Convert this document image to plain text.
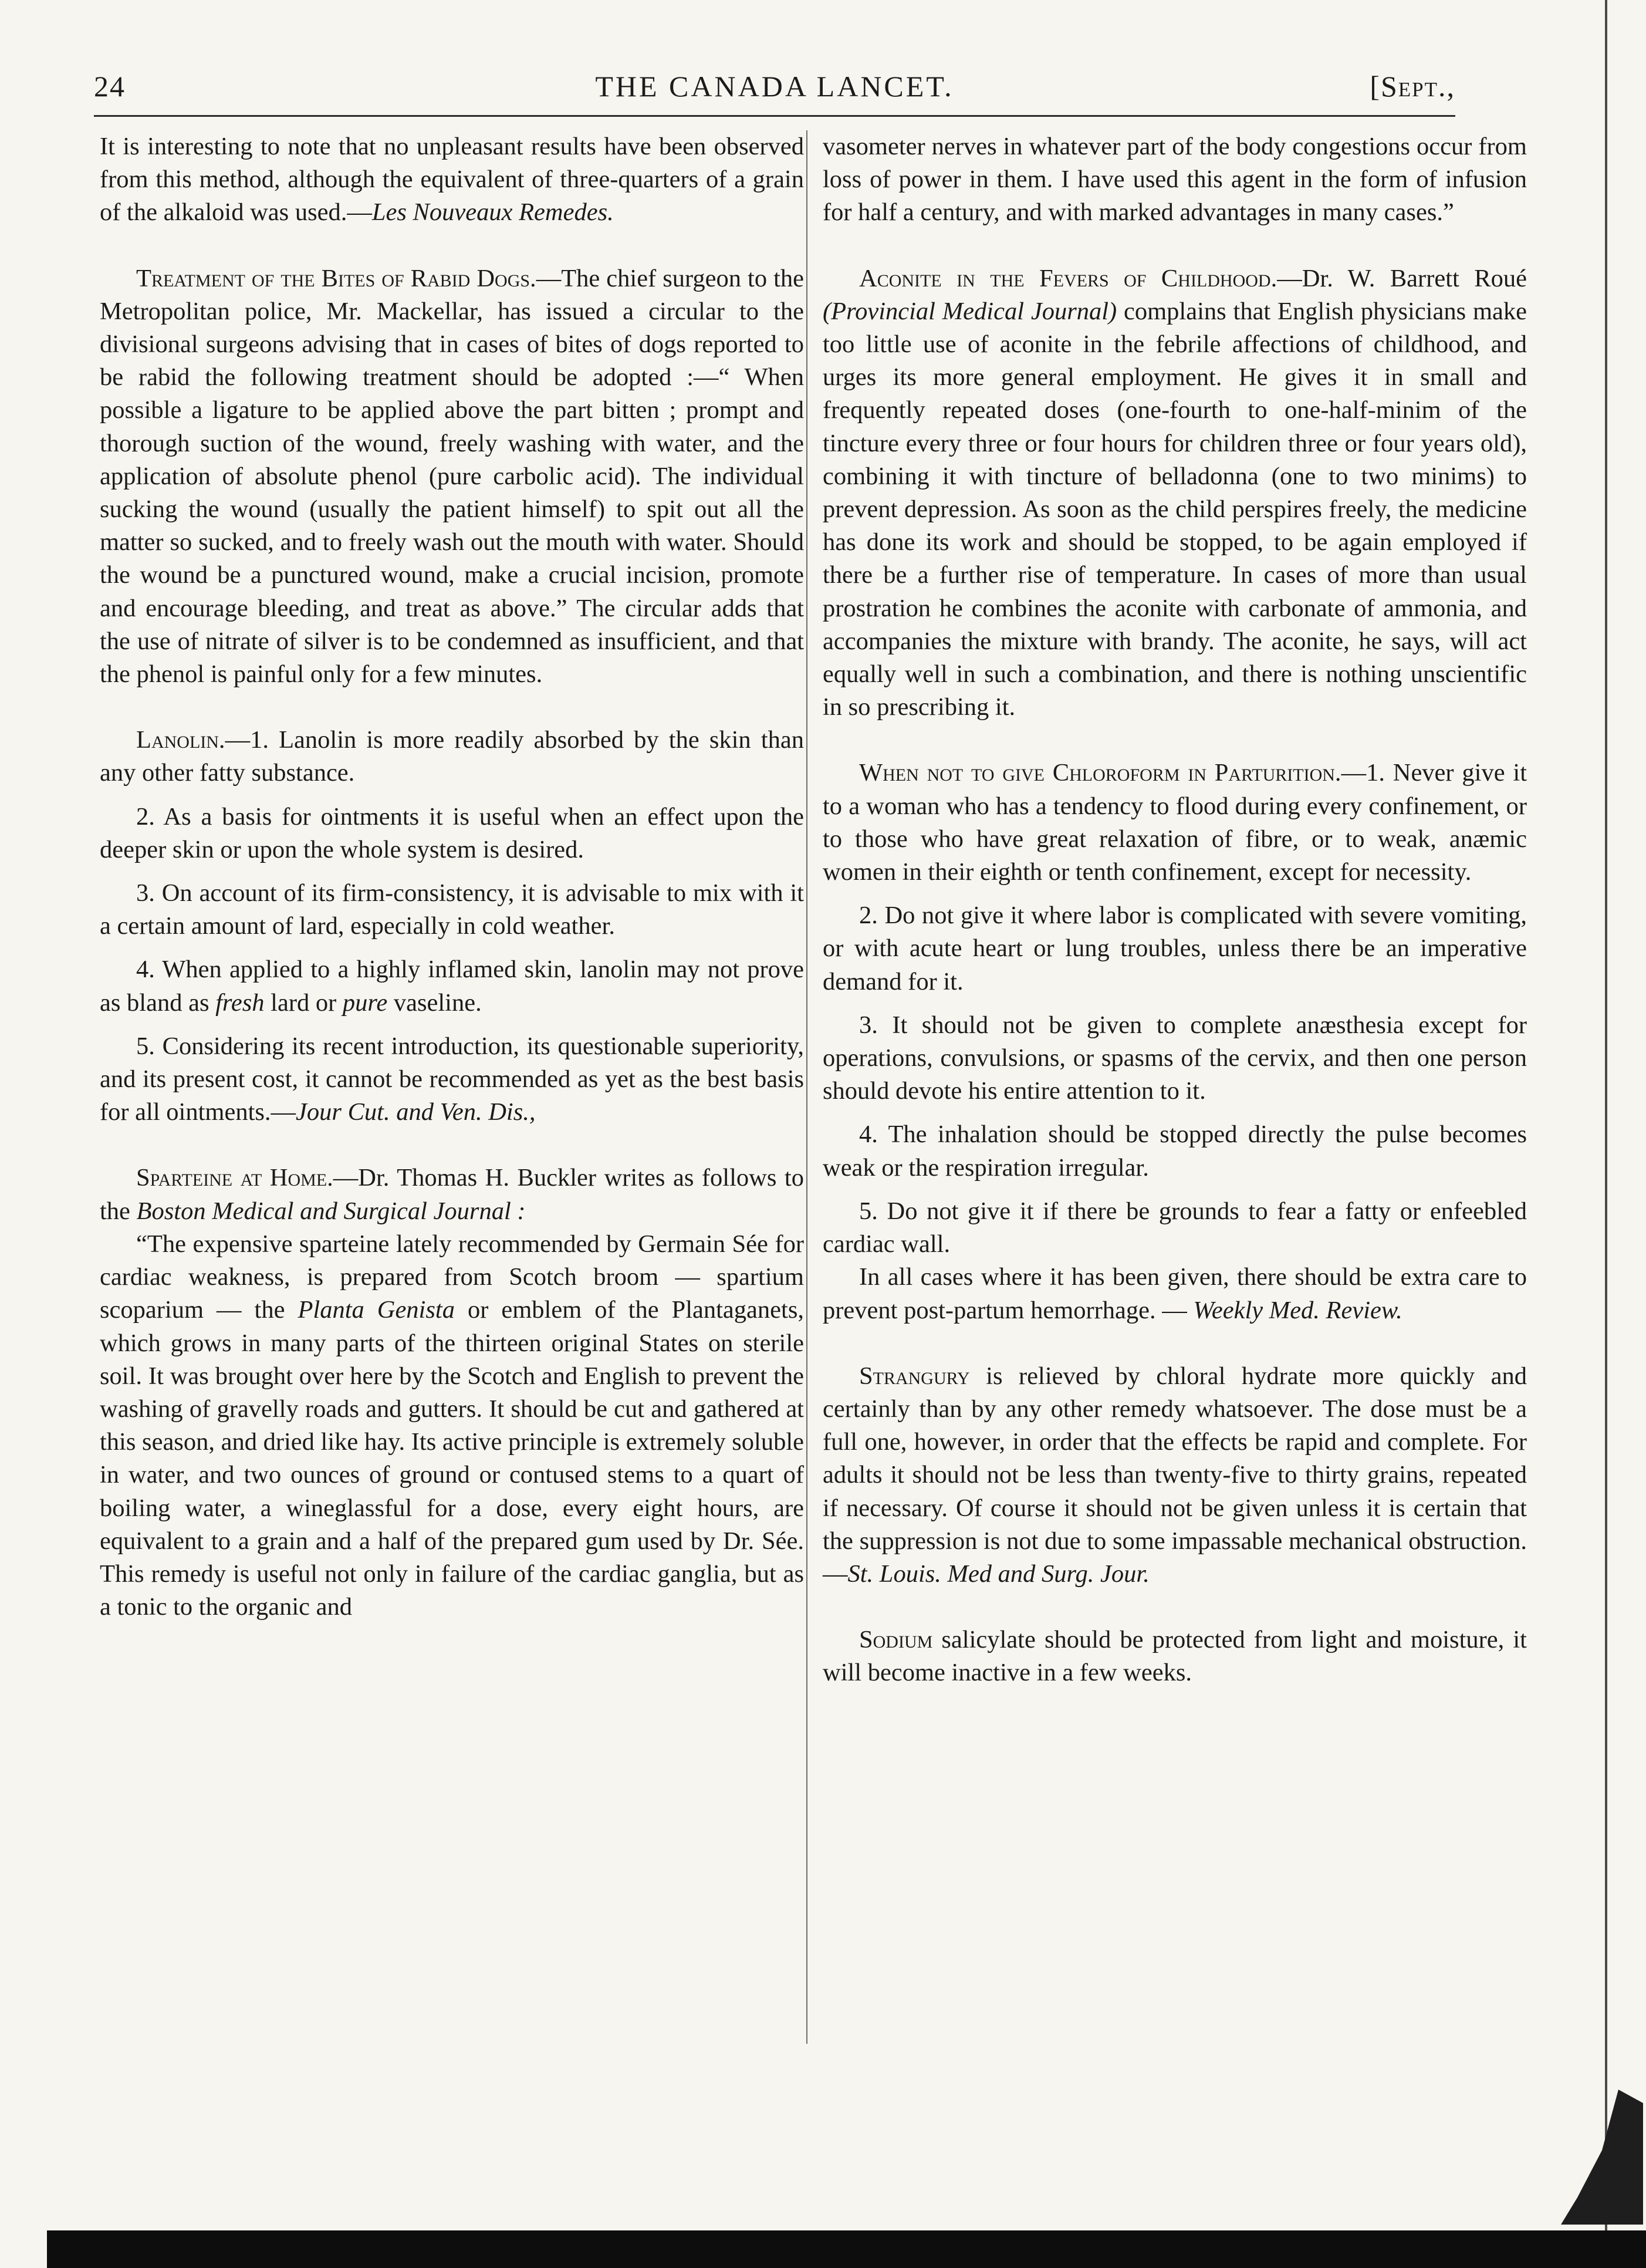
24	THE CANADA LANCET.	[Sept.,

It is interesting to note that no unpleasant results have been observed from this method, although the equivalent of three-quarters of a grain of the alkaloid was used.—Les Nouveaux Remedes.

Treatment of the Bites of Rabid Dogs.—The chief surgeon to the Metropolitan police, Mr. Mackellar, has issued a circular to the divisional surgeons advising that in cases of bites of dogs reported to be rabid the following treatment should be adopted :—“ When possible a ligature to be applied above the part bitten ; prompt and thorough suction of the wound, freely washing with water, and the application of absolute phenol (pure carbolic acid). The individual sucking the wound (usually the patient himself) to spit out all the matter so sucked, and to freely wash out the mouth with water. Should the wound be a punctured wound, make a crucial incision, promote and encourage bleeding, and treat as above.” The circular adds that the use of nitrate of silver is to be condemned as insufficient, and that the phenol is painful only for a few minutes.

Lanolin.—1. Lanolin is more readily absorbed by the skin than any other fatty substance.

2. As a basis for ointments it is useful when an effect upon the deeper skin or upon the whole system is desired.

3. On account of its firm-consistency, it is advisable to mix with it a certain amount of lard, especially in cold weather.

4. When applied to a highly inflamed skin, lanolin may not prove as bland as fresh lard or pure vaseline.

5. Considering its recent introduction, its questionable superiority, and its present cost, it cannot be recommended as yet as the best basis for all ointments.—Jour Cut. and Ven. Dis.,

Sparteine at Home.—Dr. Thomas H. Buckler writes as follows to the Boston Medical and Surgical Journal :

“The expensive sparteine lately recommended by Germain Sée for cardiac weakness, is prepared from Scotch broom — spartium scoparium — the Planta Genista or emblem of the Plantaganets, which grows in many parts of the thirteen original States on sterile soil. It was brought over here by the Scotch and English to prevent the washing of gravelly roads and gutters. It should be cut and gathered at this season, and dried like hay. Its active principle is extremely soluble in water, and two ounces of ground or contused stems to a quart of boiling water, a wineglassful for a dose, every eight hours, are equivalent to a grain and a half of the prepared gum used by Dr. Sée. This remedy is useful not only in failure of the cardiac ganglia, but as a tonic to the organic and

vasometer nerves in whatever part of the body congestions occur from loss of power in them. I have used this agent in the form of infusion for half a century, and with marked advantages in many cases.”

Aconite in the Fevers of Childhood.—Dr. W. Barrett Roué (Provincial Medical Journal) complains that English physicians make too little use of aconite in the febrile affections of childhood, and urges its more general employment. He gives it in small and frequently repeated doses (one-fourth to one-half-minim of the tincture every three or four hours for children three or four years old), combining it with tincture of belladonna (one to two minims) to prevent depression. As soon as the child perspires freely, the medicine has done its work and should be stopped, to be again employed if there be a further rise of temperature. In cases of more than usual prostration he combines the aconite with carbonate of ammonia, and accompanies the mixture with brandy. The aconite, he says, will act equally well in such a combination, and there is nothing unscientific in so prescribing it.

When not to give Chloroform in Parturition.—1. Never give it to a woman who has a tendency to flood during every confinement, or to those who have great relaxation of fibre, or to weak, anæmic women in their eighth or tenth confinement, except for necessity.

2. Do not give it where labor is complicated with severe vomiting, or with acute heart or lung troubles, unless there be an imperative demand for it.

3. It should not be given to complete anæsthesia except for operations, convulsions, or spasms of the cervix, and then one person should devote his entire attention to it.

4. The inhalation should be stopped directly the pulse becomes weak or the respiration irregular.

5. Do not give it if there be grounds to fear a fatty or enfeebled cardiac wall.

In all cases where it has been given, there should be extra care to prevent post-partum hemorrhage. — Weekly Med. Review.

Strangury is relieved by chloral hydrate more quickly and certainly than by any other remedy whatsoever. The dose must be a full one, however, in order that the effects be rapid and complete. For adults it should not be less than twenty-five to thirty grains, repeated if necessary. Of course it should not be given unless it is certain that the suppression is not due to some impassable mechanical obstruction.—St. Louis. Med and Surg. Jour.

Sodium salicylate should be protected from light and moisture, it will become inactive in a few weeks.
